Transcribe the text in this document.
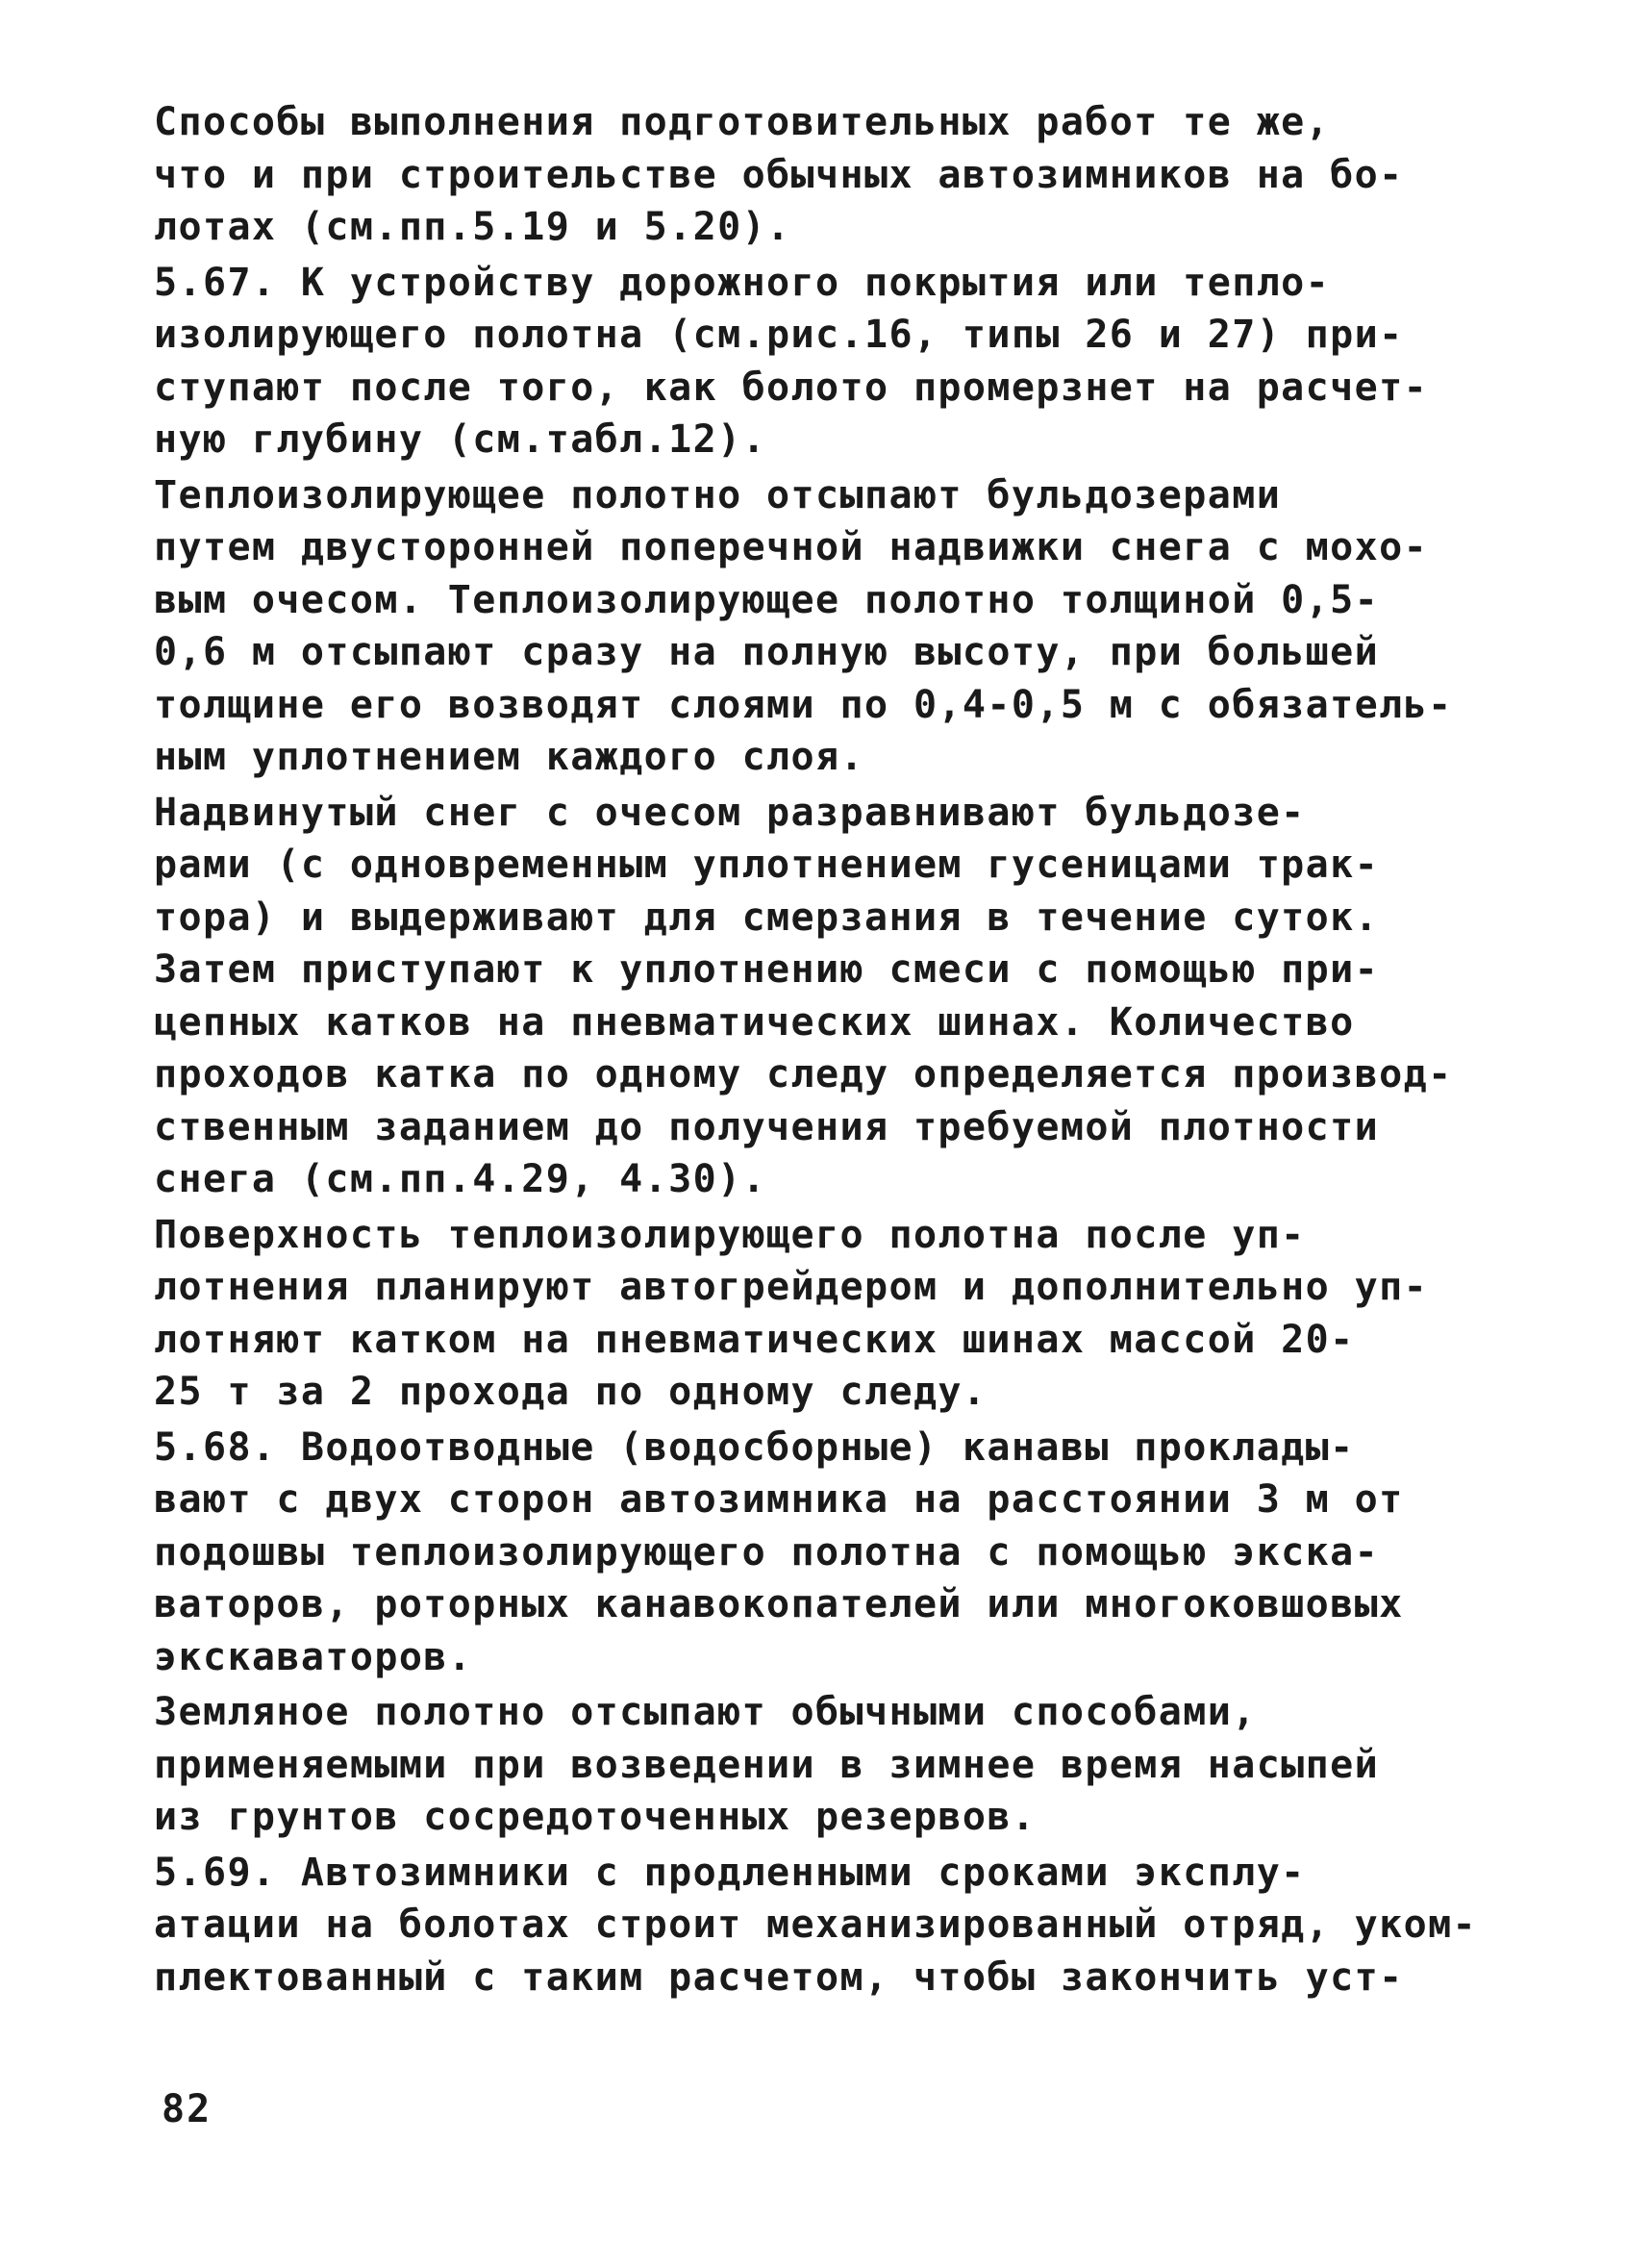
Способы выполнения подготовительных работ те же,
что и при строительстве обычных автозимников на бо-
лотах (см.пп.5.19 и 5.20).
5.67. К устройству дорожного покрытия или тепло-
изолирующего полотна (см.рис.16, типы 26 и 27) при-
ступают после того, как болото промерзнет на расчет-
ную глубину (см.табл.12).
Теплоизолирующее полотно отсыпают бульдозерами
путем двусторонней поперечной надвижки снега с мохо-
вым очесом. Теплоизолирующее полотно толщиной 0,5-
0,6 м отсыпают сразу на полную высоту, при большей
толщине его возводят слоями по 0,4-0,5 м с обязатель-
ным уплотнением каждого слоя.
Надвинутый снег с очесом разравнивают бульдозе-
рами (с одновременным уплотнением гусеницами трак-
тора) и выдерживают для смерзания в течение суток.
Затем приступают к уплотнению смеси с помощью при-
цепных катков на пневматических шинах. Количество
проходов катка по одному следу определяется производ-
ственным заданием до получения требуемой плотности
снега (см.пп.4.29, 4.30).
Поверхность теплоизолирующего полотна после уп-
лотнения планируют автогрейдером и дополнительно уп-
лотняют катком на пневматических шинах массой 20-
25 т за 2 прохода по одному следу.
5.68. Водоотводные (водосборные) канавы проклады-
вают с двух сторон автозимника на расстоянии 3 м от
подошвы теплоизолирующего полотна с помощью экска-
ваторов, роторных канавокопателей или многоковшовых
экскаваторов.
Земляное полотно отсыпают обычными способами,
применяемыми при возведении в зимнее время насыпей
из грунтов сосредоточенных резервов.
5.69. Автозимники с продленными сроками эксплу-
атации на болотах строит механизированный отряд, уком-
плектованный с таким расчетом, чтобы закончить уст-
82
